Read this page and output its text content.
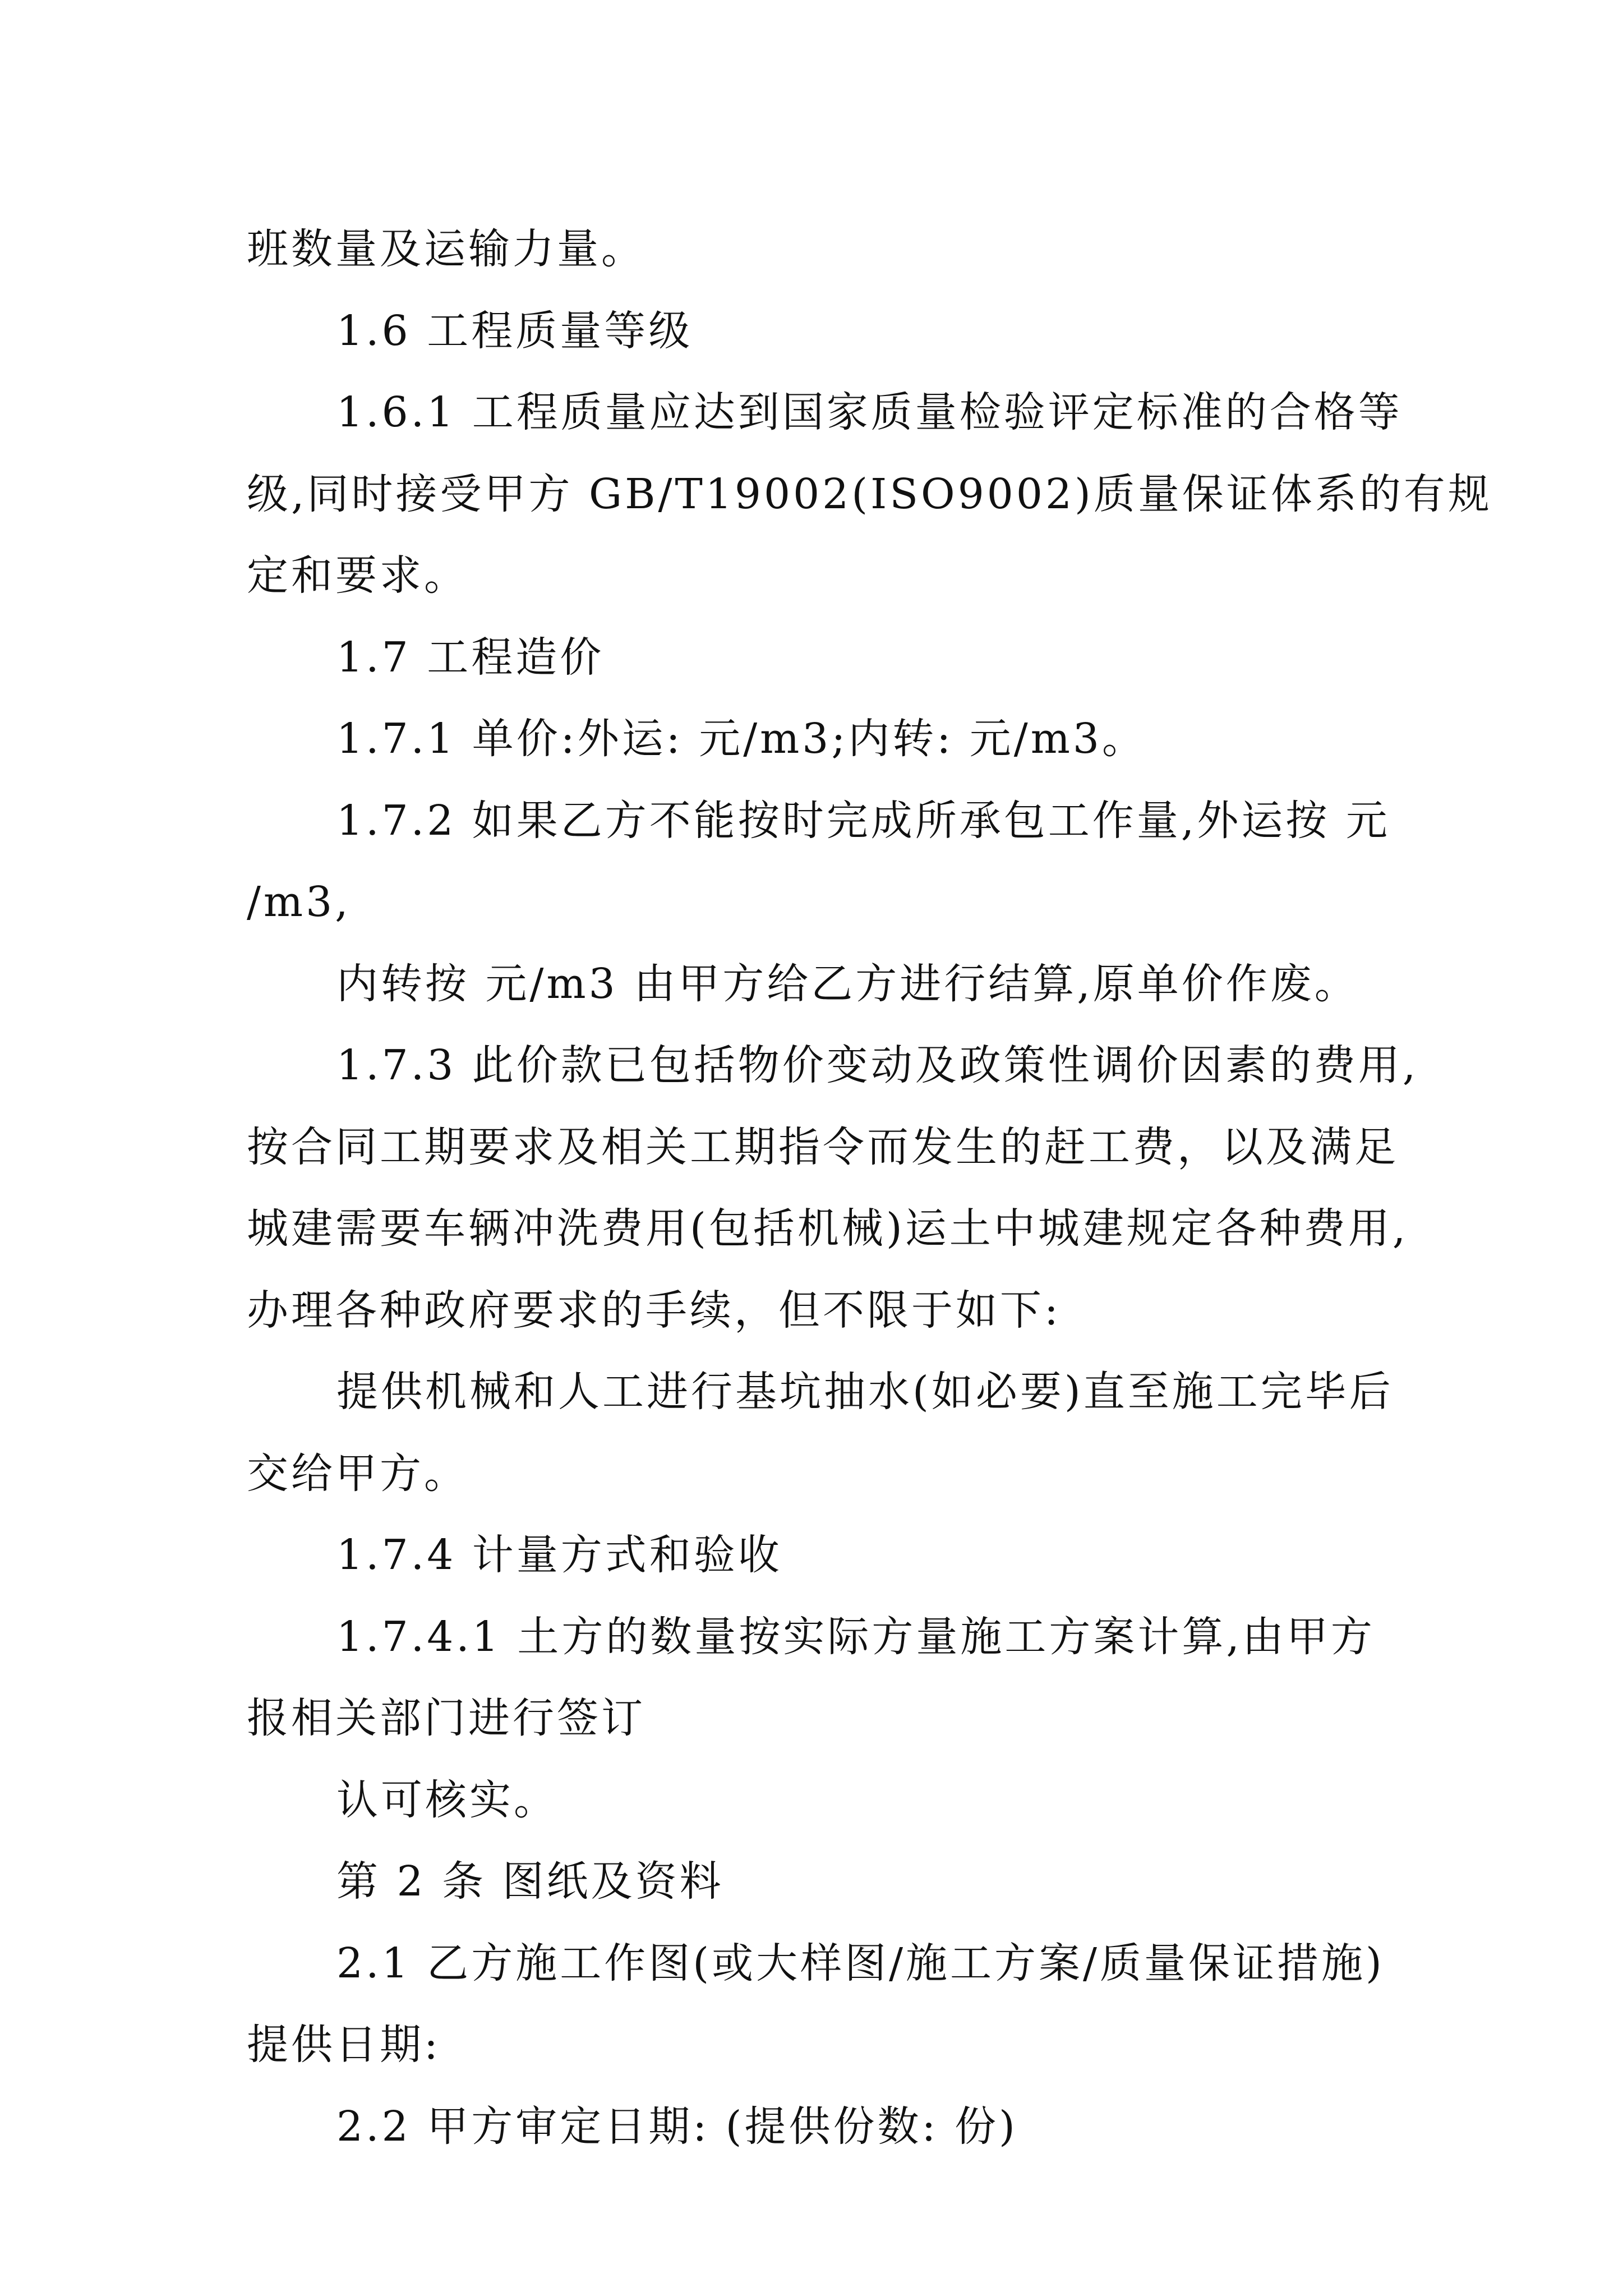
班数量及运输力量。
1.6 工程质量等级
1.6.1 工程质量应达到国家质量检验评定标准的合格等
级,同时接受甲方 GB/T19002(ISO9002)质量保证体系的有规
定和要求。
1.7 工程造价
1.7.1 单价:外运: 元/m3;内转: 元/m3。
1.7.2 如果乙方不能按时完成所承包工作量,外运按 元
/m3,
内转按 元/m3 由甲方给乙方进行结算,原单价作废。
1.7.3 此价款已包括物价变动及政策性调价因素的费用,
按合同工期要求及相关工期指令而发生的赶工费，以及满足
城建需要车辆冲洗费用(包括机械)运土中城建规定各种费用,
办理各种政府要求的手续，但不限于如下:
提供机械和人工进行基坑抽水(如必要)直至施工完毕后
交给甲方。
1.7.4 计量方式和验收
1.7.4.1 土方的数量按实际方量施工方案计算,由甲方
报相关部门进行签订
认可核实。
第 2 条 图纸及资料
2.1 乙方施工作图(或大样图/施工方案/质量保证措施)
提供日期:
2.2 甲方审定日期: (提供份数: 份)
